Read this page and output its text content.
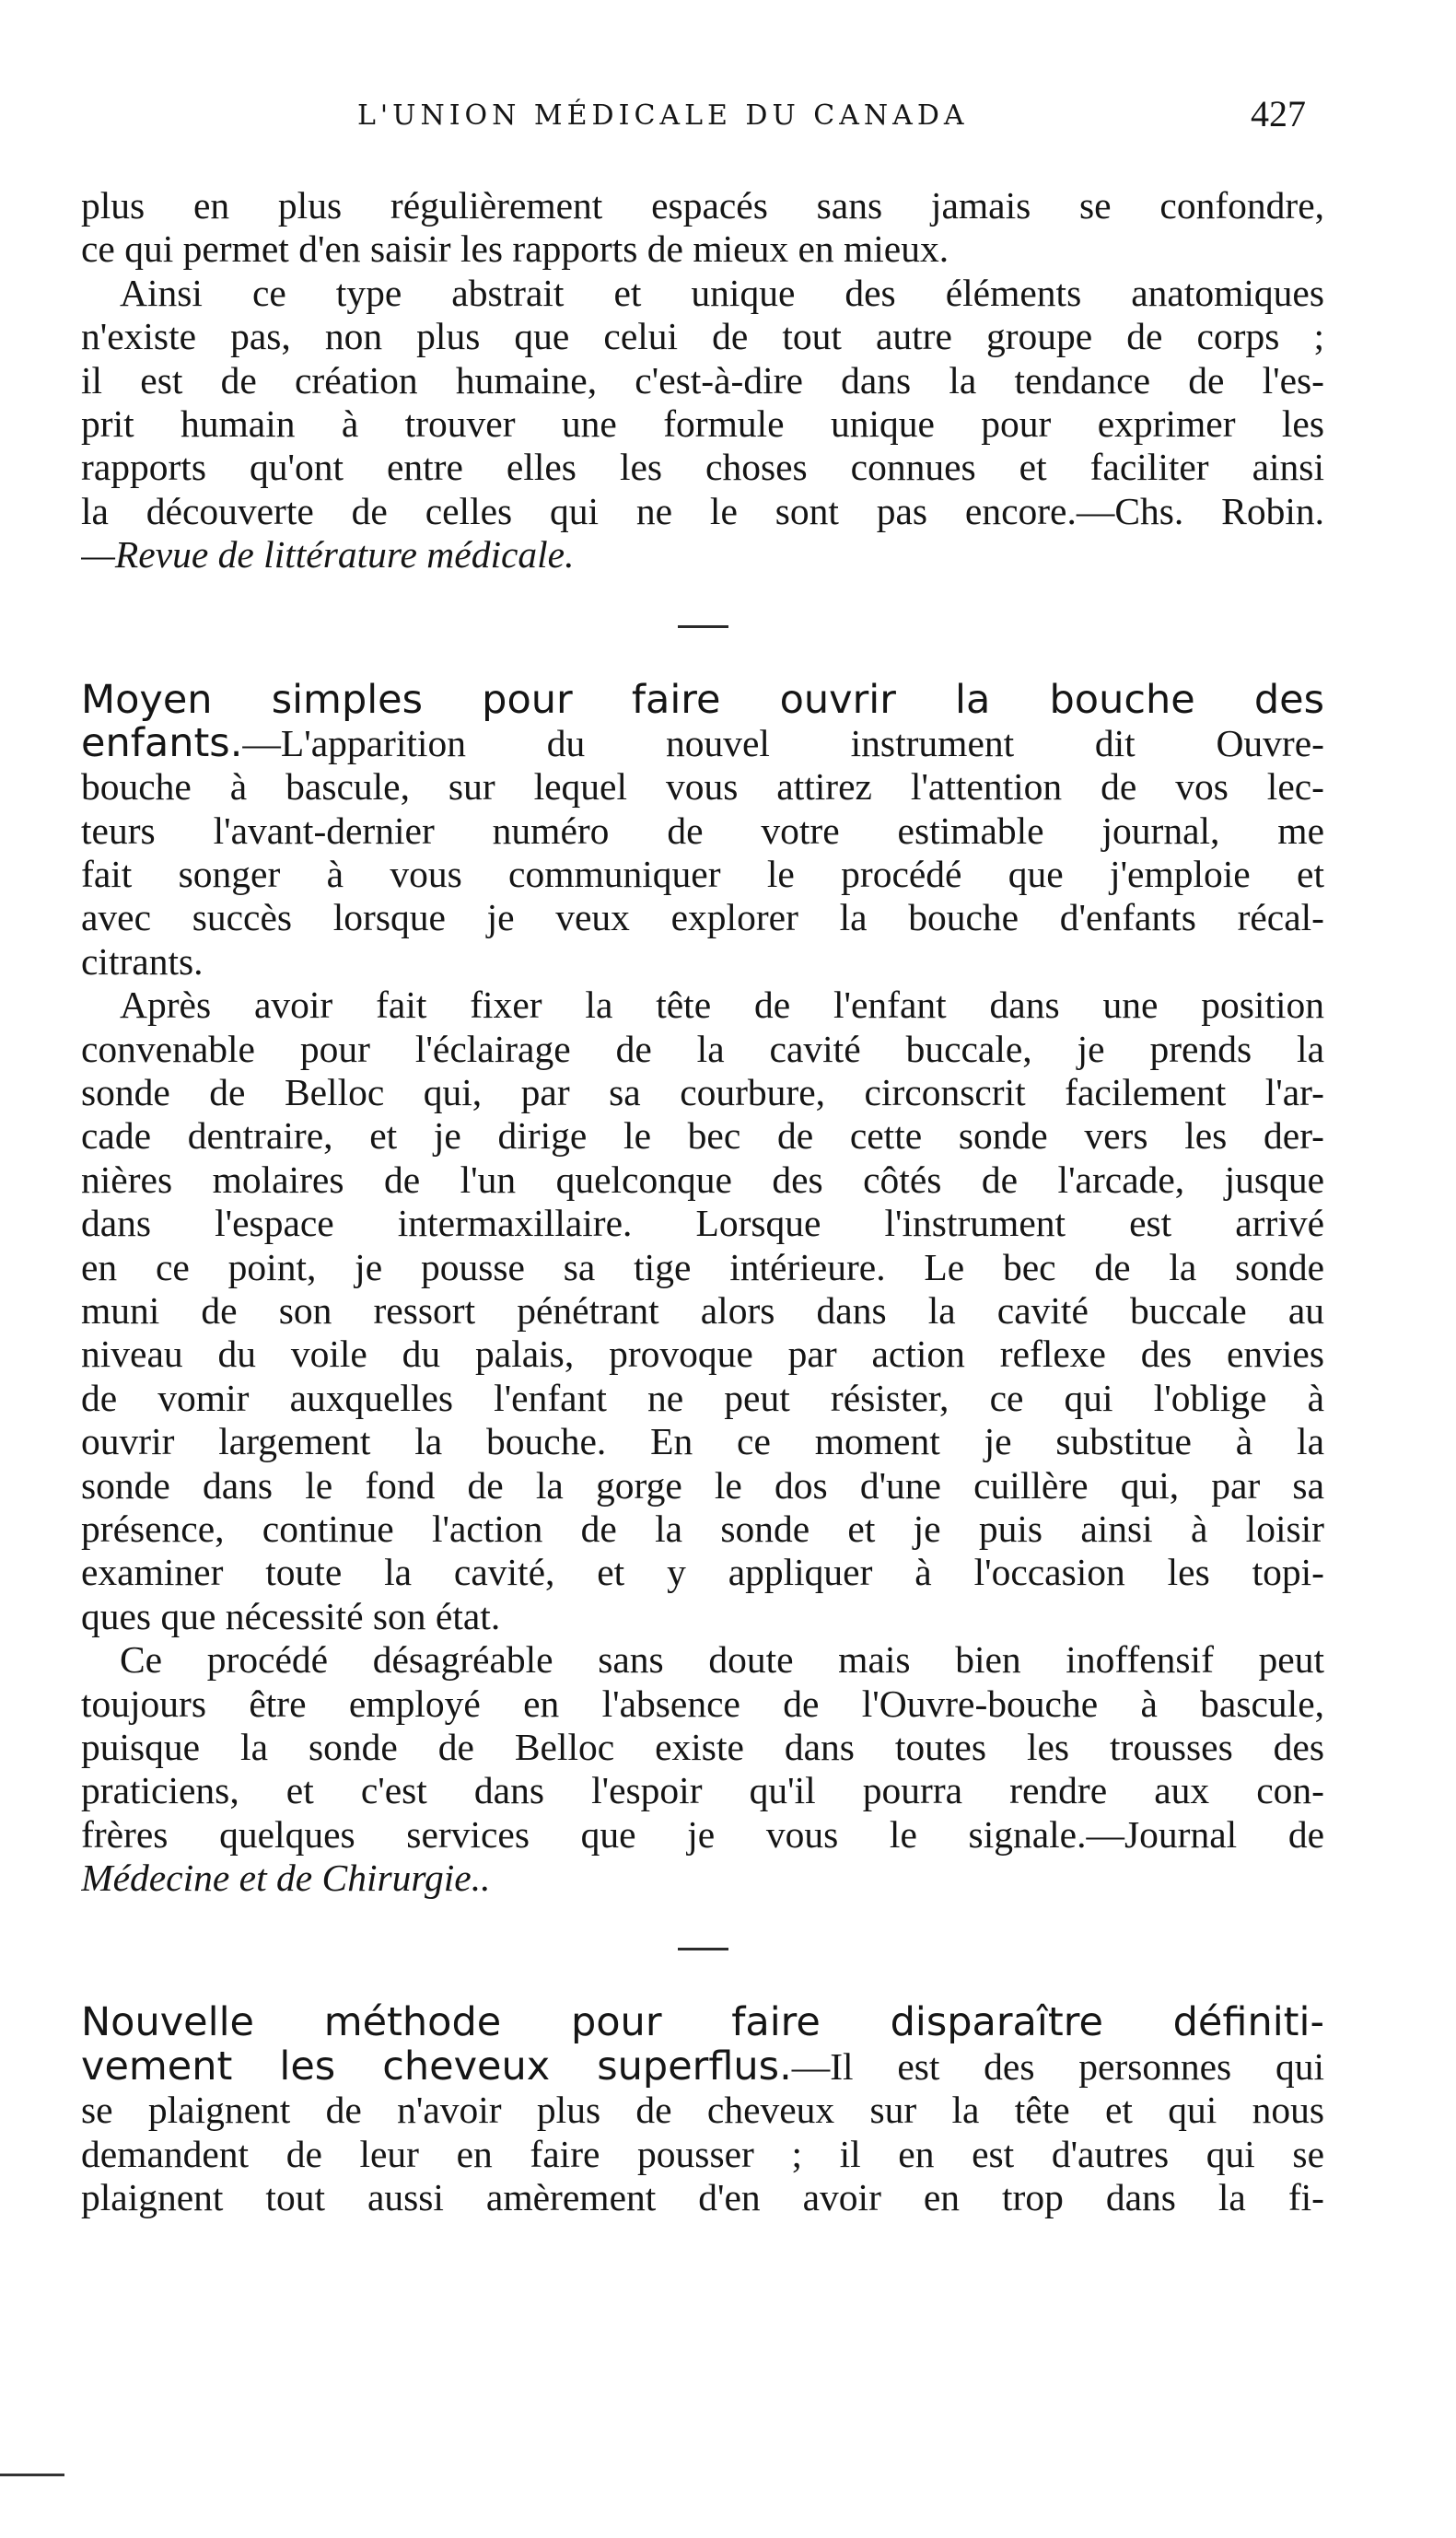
L'UNION MÉDICALE DU CANADA	427
plus en plus régulièrement espacés sans jamais se confondre,
ce qui permet d'en saisir les rapports de mieux en mieux.
Ainsi ce type abstrait et unique des éléments anatomiques
n'existe pas, non plus que celui de tout autre groupe de corps ;
il est de création humaine, c'est-à-dire dans la tendance de l'es-
prit humain à trouver une formule unique pour exprimer les
rapports qu'ont entre elles les choses connues et faciliter ainsi
la découverte de celles qui ne le sont pas encore.—Chs. Robin.
—Revue de littérature médicale.
Moyen simples pour faire ouvrir la bouche des
enfants.—L'apparition du nouvel instrument dit Ouvre-
bouche à bascule, sur lequel vous attirez l'attention de vos lec-
teurs l'avant-dernier numéro de votre estimable journal, me
fait songer à vous communiquer le procédé que j'emploie et
avec succès lorsque je veux explorer la bouche d'enfants récal-
citrants.
Après avoir fait fixer la tête de l'enfant dans une position
convenable pour l'éclairage de la cavité buccale, je prends la
sonde de Belloc qui, par sa courbure, circonscrit facilement l'ar-
cade dentraire, et je dirige le bec de cette sonde vers les der-
nières molaires de l'un quelconque des côtés de l'arcade, jusque
dans l'espace intermaxillaire. Lorsque l'instrument est arrivé
en ce point, je pousse sa tige intérieure. Le bec de la sonde
muni de son ressort pénétrant alors dans la cavité buccale au
niveau du voile du palais, provoque par action reflexe des envies
de vomir auxquelles l'enfant ne peut résister, ce qui l'oblige à
ouvrir largement la bouche. En ce moment je substitue à la
sonde dans le fond de la gorge le dos d'une cuillère qui, par sa
présence, continue l'action de la sonde et je puis ainsi à loisir
examiner toute la cavité, et y appliquer à l'occasion les topi-
ques que nécessité son état.
Ce procédé désagréable sans doute mais bien inoffensif peut
toujours être employé en l'absence de l'Ouvre-bouche à bascule,
puisque la sonde de Belloc existe dans toutes les trousses des
praticiens, et c'est dans l'espoir qu'il pourra rendre aux con-
frères quelques services que je vous le signale.—Journal de
Médecine et de Chirurgie..
Nouvelle méthode pour faire disparaître définiti-
vement les cheveux superflus.—Il est des personnes qui
se plaignent de n'avoir plus de cheveux sur la tête et qui nous
demandent de leur en faire pousser ; il en est d'autres qui se
plaignent tout aussi amèrement d'en avoir en trop dans la fi-
